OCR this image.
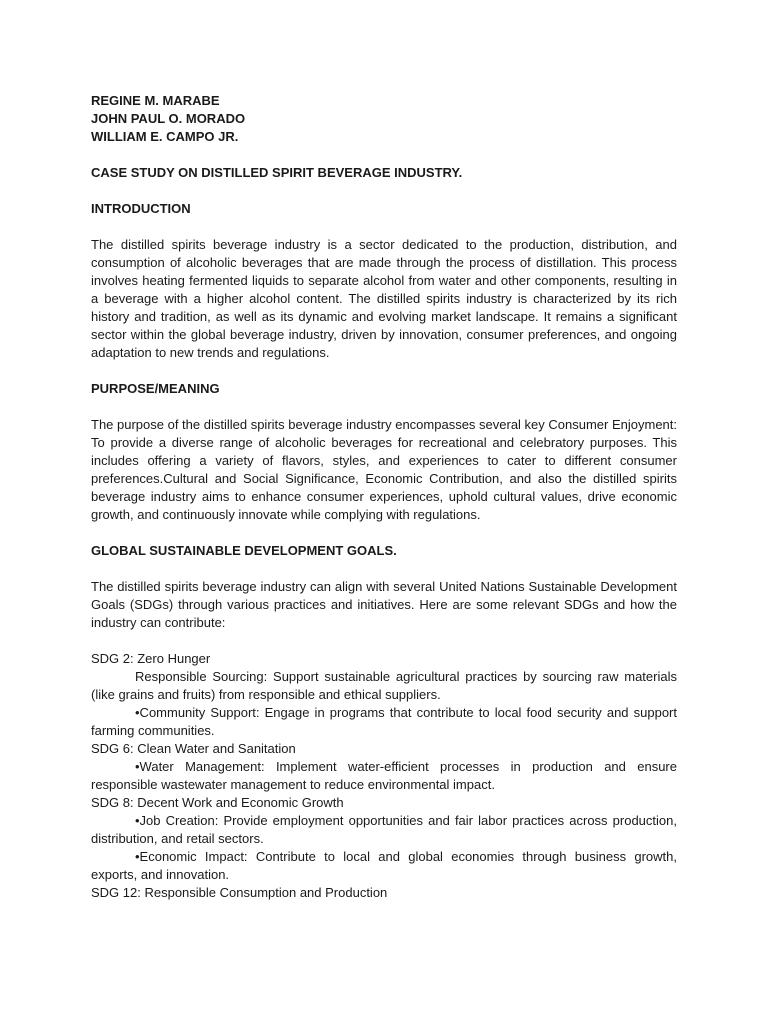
REGINE M. MARABE
JOHN PAUL O. MORADO
WILLIAM E. CAMPO JR.
CASE STUDY ON DISTILLED SPIRIT BEVERAGE INDUSTRY.
INTRODUCTION

The distilled spirits beverage industry is a sector dedicated to the production, distribution, and consumption of alcoholic beverages that are made through the process of distillation. This process involves heating fermented liquids to separate alcohol from water and other components, resulting in a beverage with a higher alcohol content. The distilled spirits industry is characterized by its rich history and tradition, as well as its dynamic and evolving market landscape. It remains a significant sector within the global beverage industry, driven by innovation, consumer preferences, and ongoing adaptation to new trends and regulations.

PURPOSE/MEANING

The purpose of the distilled spirits beverage industry encompasses several key Consumer Enjoyment: To provide a diverse range of alcoholic beverages for recreational and celebratory purposes. This includes offering a variety of flavors, styles, and experiences to cater to different consumer preferences.Cultural and Social Significance, Economic Contribution, and also the distilled spirits beverage industry aims to enhance consumer experiences, uphold cultural values, drive economic growth, and continuously innovate while complying with regulations.

GLOBAL SUSTAINABLE DEVELOPMENT GOALS.

The distilled spirits beverage industry can align with several United Nations Sustainable Development Goals (SDGs) through various practices and initiatives. Here are some relevant SDGs and how the industry can contribute:

SDG 2: Zero Hunger

Responsible Sourcing: Support sustainable agricultural practices by sourcing raw materials (like grains and fruits) from responsible and ethical suppliers.

•Community Support: Engage in programs that contribute to local food security and support farming communities.

SDG 6: Clean Water and Sanitation

•Water Management: Implement water-efficient processes in production and ensure responsible wastewater management to reduce environmental impact.

SDG 8: Decent Work and Economic Growth

•Job Creation: Provide employment opportunities and fair labor practices across production, distribution, and retail sectors.

•Economic Impact: Contribute to local and global economies through business growth, exports, and innovation.

SDG 12: Responsible Consumption and Production
